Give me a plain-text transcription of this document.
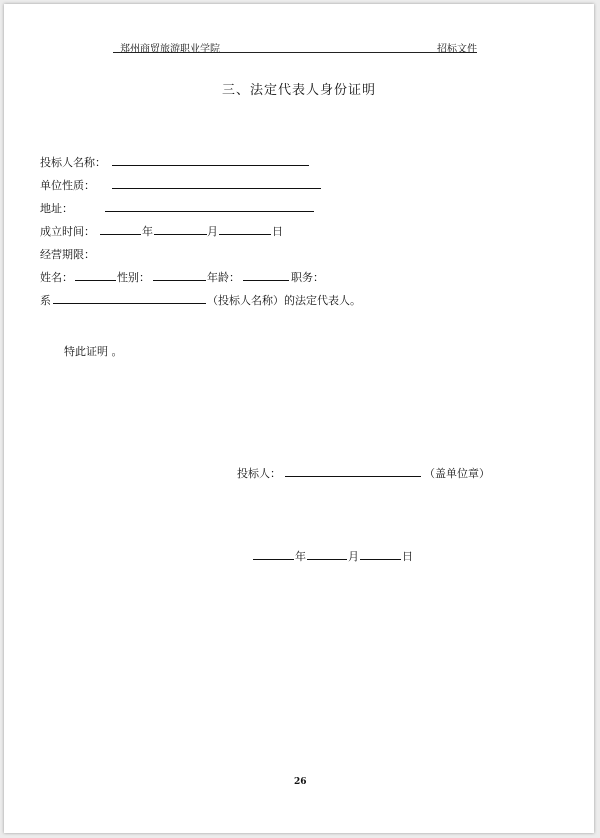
郑州商贸旅游职业学院	招标文件
三、法定代表人身份证明
投标人名称：
单位性质：
地址：
成立时间：	年	月	日
经营期限：
姓名：	性别：	年龄：	职务：
系	（投标人名称）的法定代表人。
特此证明 。
投标人：	（盖单位章）
年	月	日
26
